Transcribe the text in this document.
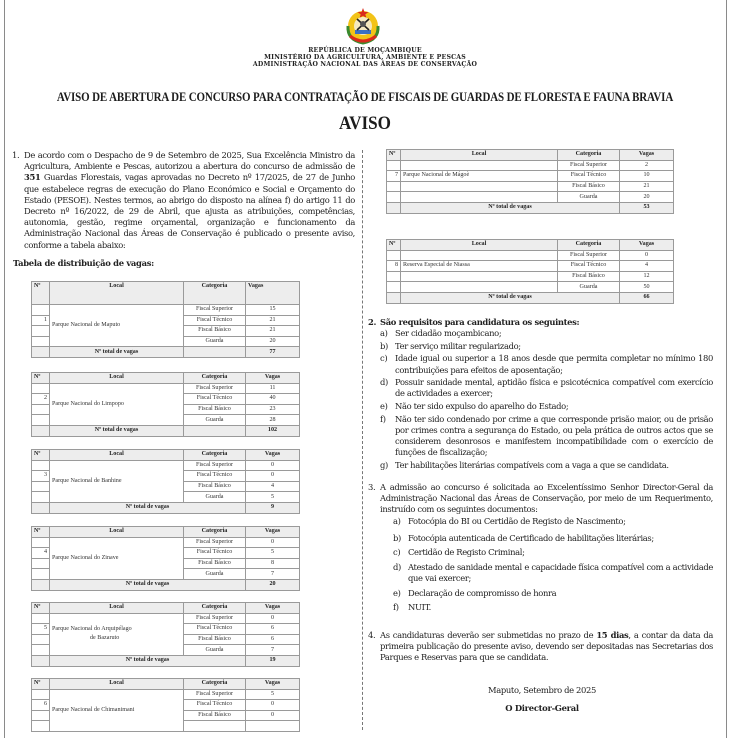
REPÚBLICA DE MOÇAMBIQUE
MINISTÉRIO DA AGRICULTURA, AMBIENTE E PESCAS
ADMINISTRAÇÃO NACIONAL DAS ÁREAS DE CONSERVAÇÃO
AVISO DE ABERTURA DE CONCURSO PARA CONTRATAÇÃO DE FISCAIS DE GUARDAS DE FLORESTA E FAUNA BRAVIA
AVISO
1. De acordo com o Despacho de 9 de Setembro de 2025, Sua Excelência Ministro da Agricultura, Ambiente e Pescas, autorizou a abertura do concurso de admissão de 351 Guardas Florestais, vagas aprovadas no Decreto nº 17/2025, de 27 de Junho que estabelece regras de execução do Plano Económico e Social e Orçamento do Estado (PESOE). Nestes termos, ao abrigo do disposto na alínea f) do artigo 11 do Decreto nº 16/2022, de 29 de Abril, que ajusta as atribuições, competências, autonomia, gestão, regime orçamental, organização e funcionamento da Administração Nacional das Áreas de Conservação é publicado o presente aviso, conforme a tabela abaixo:
Tabela de distribuição de vagas:
Nº	Local	Categoria	Vagas
	Parque Nacional de Maputo	Fiscal Superior	15
1		Fiscal Técnico	21
		Fiscal Básico	21
		Guarda	20
	Nº total de vagas		77
Nº	Local	Categoria	Vagas
	Parque Nacional do Limpopo	Fiscal Superior	11
2		Fiscal Técnico	40
		Fiscal Básico	23
		Guarda	28
	Nº total de vagas		102
Nº	Local	Categoria	Vagas
	Parque Nacional de Banhine	Fiscal Superior	0
3		Fiscal Técnico	0
		Fiscal Básico	4
		Guarda	5
	Nº total de vagas		9
Nº	Local	Categoria	Vagas
	Parque Nacional do Zinave	Fiscal Superior	0
4		Fiscal Técnico	5
		Fiscal Básico	8
		Guarda	7
	Nº total de vagas		20
Nº	Local	Categoria	Vagas
	Parque Nacional do Arquipélago
de Bazaruto	Fiscal Superior	0
5		Fiscal Técnico	6
		Fiscal Básico	6
		Guarda	7
	Nº total de vagas		19
Nº	Local	Categoria	Vagas
	Parque Nacional de Chimanimani	Fiscal Superior	5
6		Fiscal Técnico	0
		Fiscal Básico	0

Nº	Local	Categoria	Vagas
		Fiscal Superior	2
7	Parque Nacional de Mágoè	Fiscal Técnico	10
		Fiscal Básico	21
		Guarda	20
	Nº total de vagas		53
Nº	Local	Categoria	Vagas
		Fiscal Superior	0
8	Reserva Especial de Niassa	Fiscal Técnico	4
		Fiscal Básico	12
		Guarda	50
	Nº total de vagas		66
2. São requisitos para candidatura os seguintes:
a) Ser cidadão moçambicano;
b) Ter serviço militar regularizado;
c) Idade igual ou superior a 18 anos desde que permita completar no mínimo 180 contribuições para efeitos de aposentação;
d) Possuir sanidade mental, aptidão física e psicotécnica compatível com exercício de actividades a exercer;
e) Não ter sido expulso do aparelho do Estado;
f) Não ter sido condenado por crime a que corresponde prisão maior, ou de prisão por crimes contra a segurança do Estado, ou pela prática de outros actos que se considerem desonrosos e manifestem incompatibilidade com o exercício de funções de fiscalização;
g) Ter habilitações literárias compatíveis com a vaga a que se candidata.
3. A admissão ao concurso é solicitada ao Excelentíssimo Senhor Director-Geral da Administração Nacional das Áreas de Conservação, por meio de um Requerimento, instruído com os seguintes documentos:
a) Fotocópia do BI ou Certidão de Registo de Nascimento;
b) Fotocópia autenticada de Certificado de habilitações literárias;
c) Certidão de Registo Criminal;
d) Atestado de sanidade mental e capacidade física compatível com a actividade que vai exercer;
e) Declaração de compromisso de honra
f) NUIT.
4. As candidaturas deverão ser submetidas no prazo de 15 dias, a contar da data da primeira publicação do presente aviso, devendo ser depositadas nas Secretarias dos Parques e Reservas para que se candidata.
Maputo, Setembro de 2025
O Director-Geral
